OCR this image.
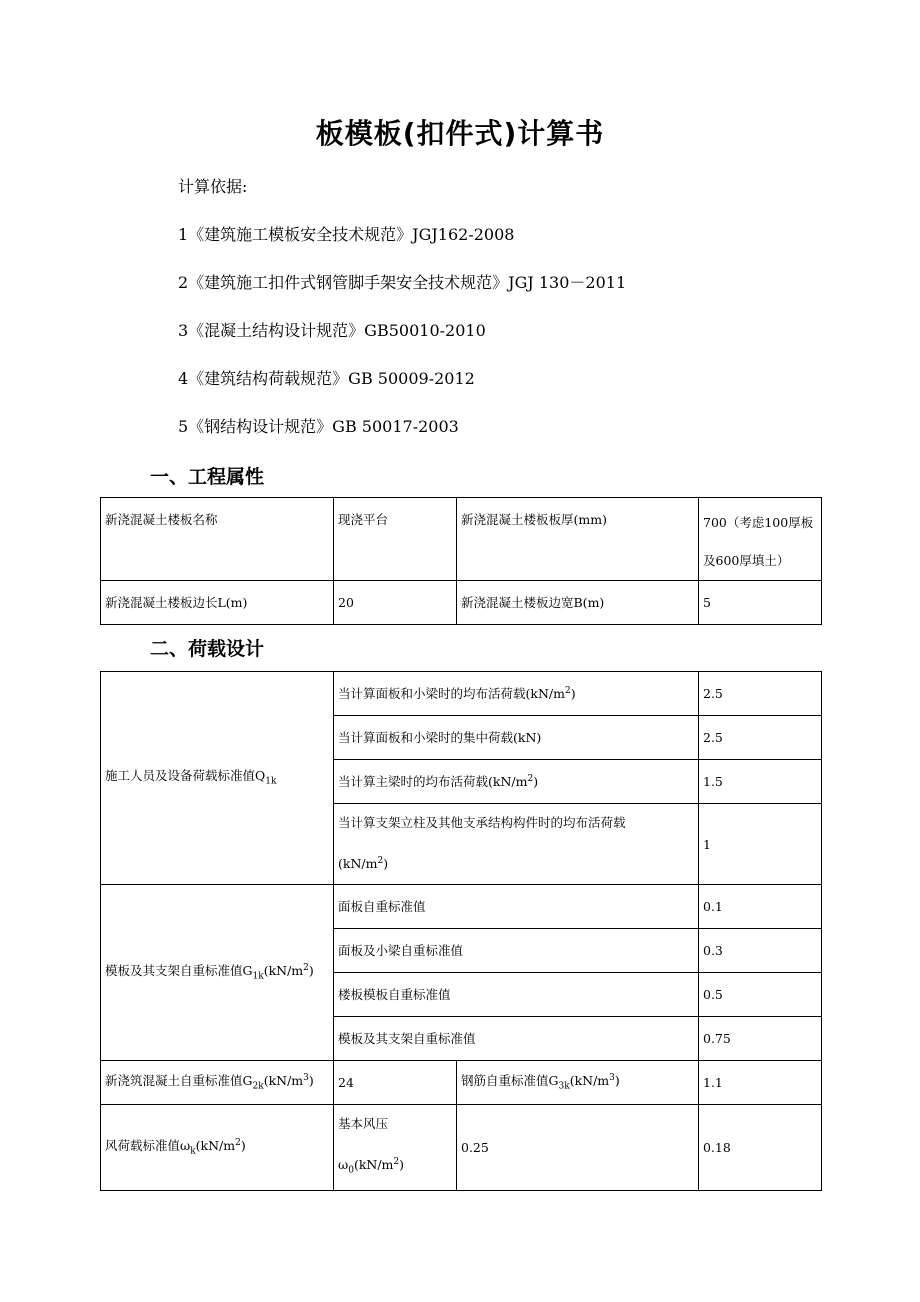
板模板(扣件式)计算书
计算依据:
1《建筑施工模板安全技术规范》JGJ162-2008
2《建筑施工扣件式钢管脚手架安全技术规范》JGJ 130－2011
3《混凝土结构设计规范》GB50010-2010
4《建筑结构荷载规范》GB 50009-2012
5《钢结构设计规范》GB 50017-2003
一、工程属性
新浇混凝土楼板名称	现浇平台	新浇混凝土楼板板厚(mm)	700（考虑100厚板
及600厚填土）

新浇混凝土楼板边长L(m)	20	新浇混凝土楼板边宽B(m)	5
二、荷载设计
施工人员及设备荷载标准值$Q_{1k}$	当计算面板和小梁时的均布活荷载$(kN/m^2)$		2.5
	当计算面板和小梁时的集中荷载(kN)		2.5
	当计算主梁时的均布活荷载$(kN/m^2)$		1.5

	当计算支架立柱及其他支承结构构件时的均布活荷载
$(kN/m^2)$		1
模板及其支架自重标准值$G_{1k}(kN/m^2)$	面板自重标准值		0.1
	面板及小梁自重标准值		0.3
	楼板模板自重标准值		0.5
	模板及其支架自重标准值		0.75
新浇筑混凝土自重标准值$G_{2k}(kN/m^3)$	24	钢筋自重标准值$G_{3k}(kN/m^3)$	1.1
风荷载标准值$\omega_k(kN/m^2)$	基本风压
$\omega_0(kN/m^2)$	0.25	0.18
